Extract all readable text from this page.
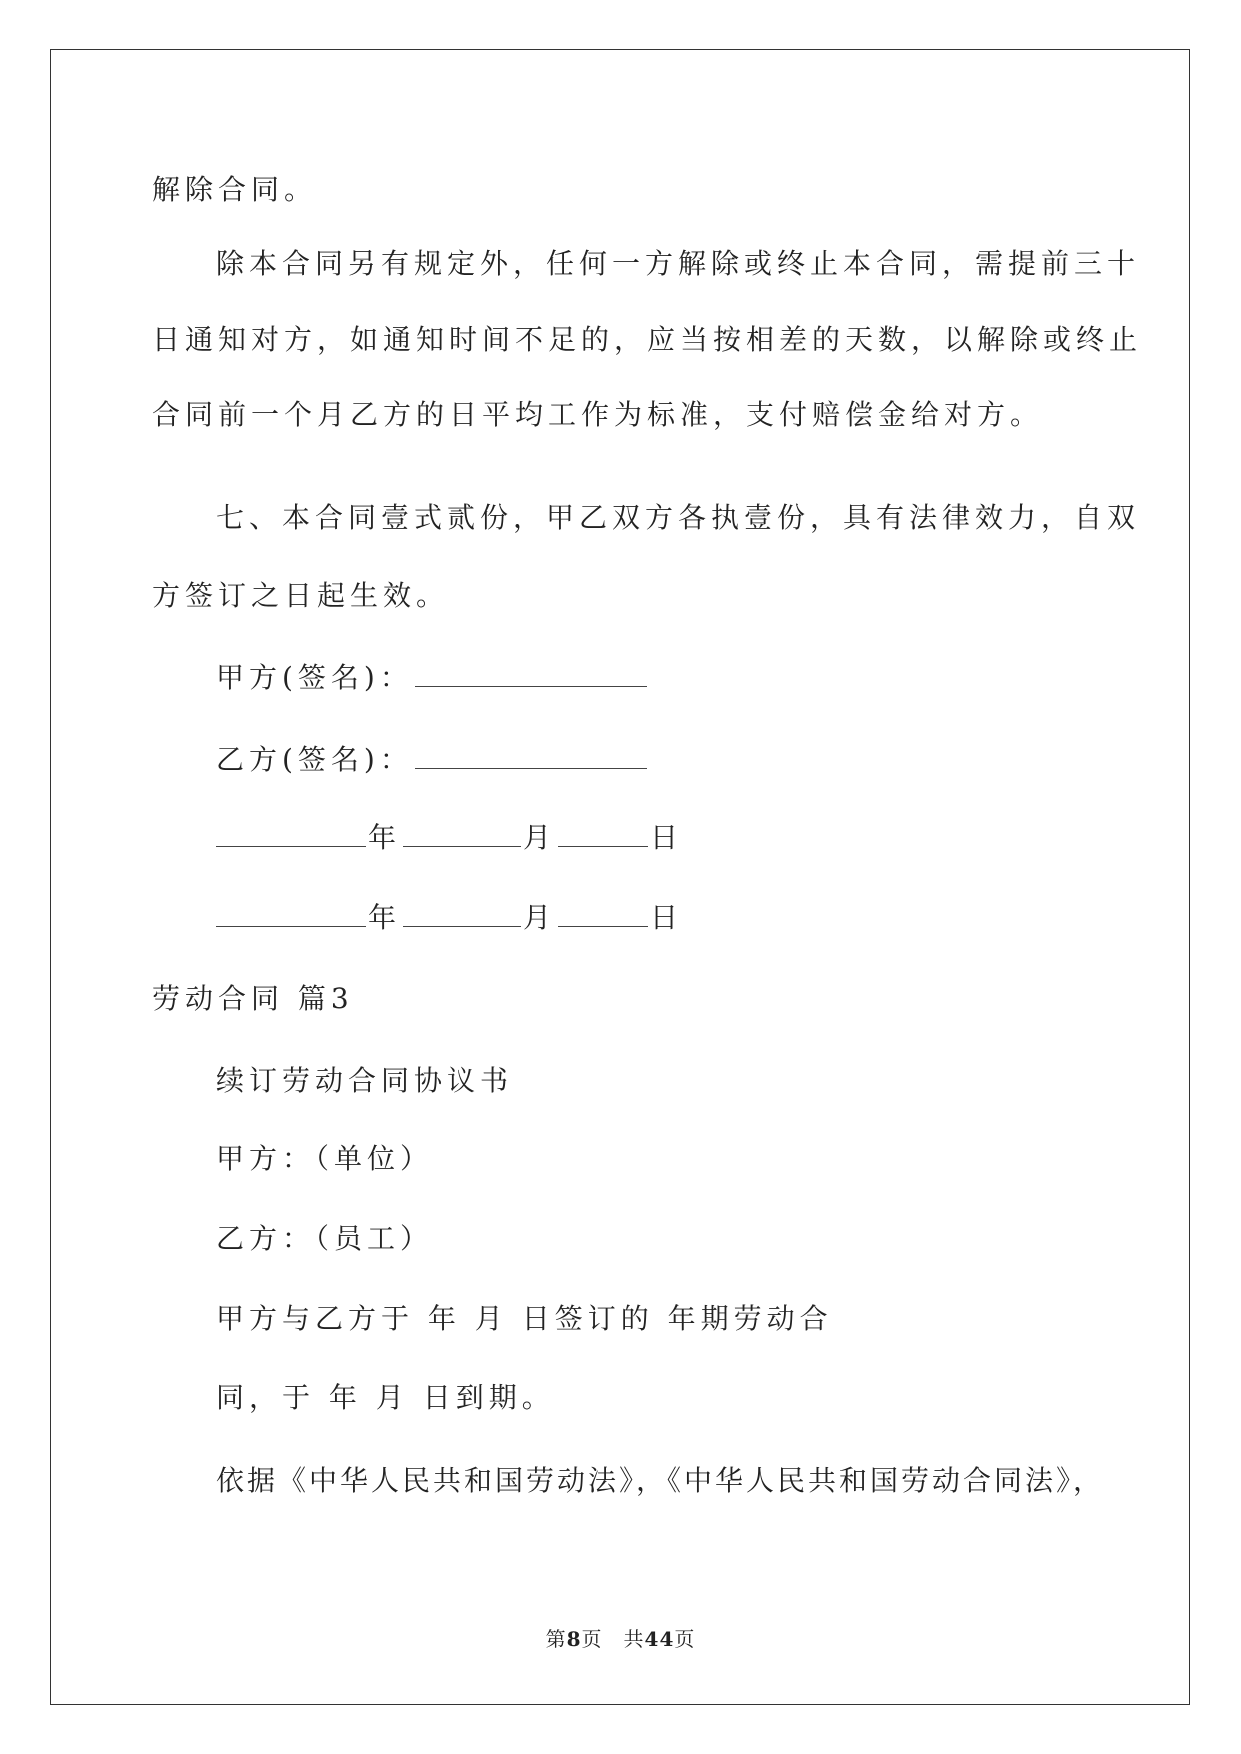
解除合同。
除本合同另有规定外，任何一方解除或终止本合同，需提前三十
日通知对方，如通知时间不足的，应当按相差的天数，以解除或终止
合同前一个月乙方的日平均工作为标准，支付赔偿金给对方。
七、本合同壹式贰份，甲乙双方各执壹份，具有法律效力，自双
方签订之日起生效。
甲方(签名)：
乙方(签名)：
年	月	日
年	月	日
劳动合同 篇3
续订劳动合同协议书
甲方：（单位）
乙方：（员工）
甲方与乙方于 年 月 日签订的 年期劳动合
同，于 年 月 日到期。
依据《中华人民共和国劳动法》，《中华人民共和国劳动合同法》，
第8页　共44页
